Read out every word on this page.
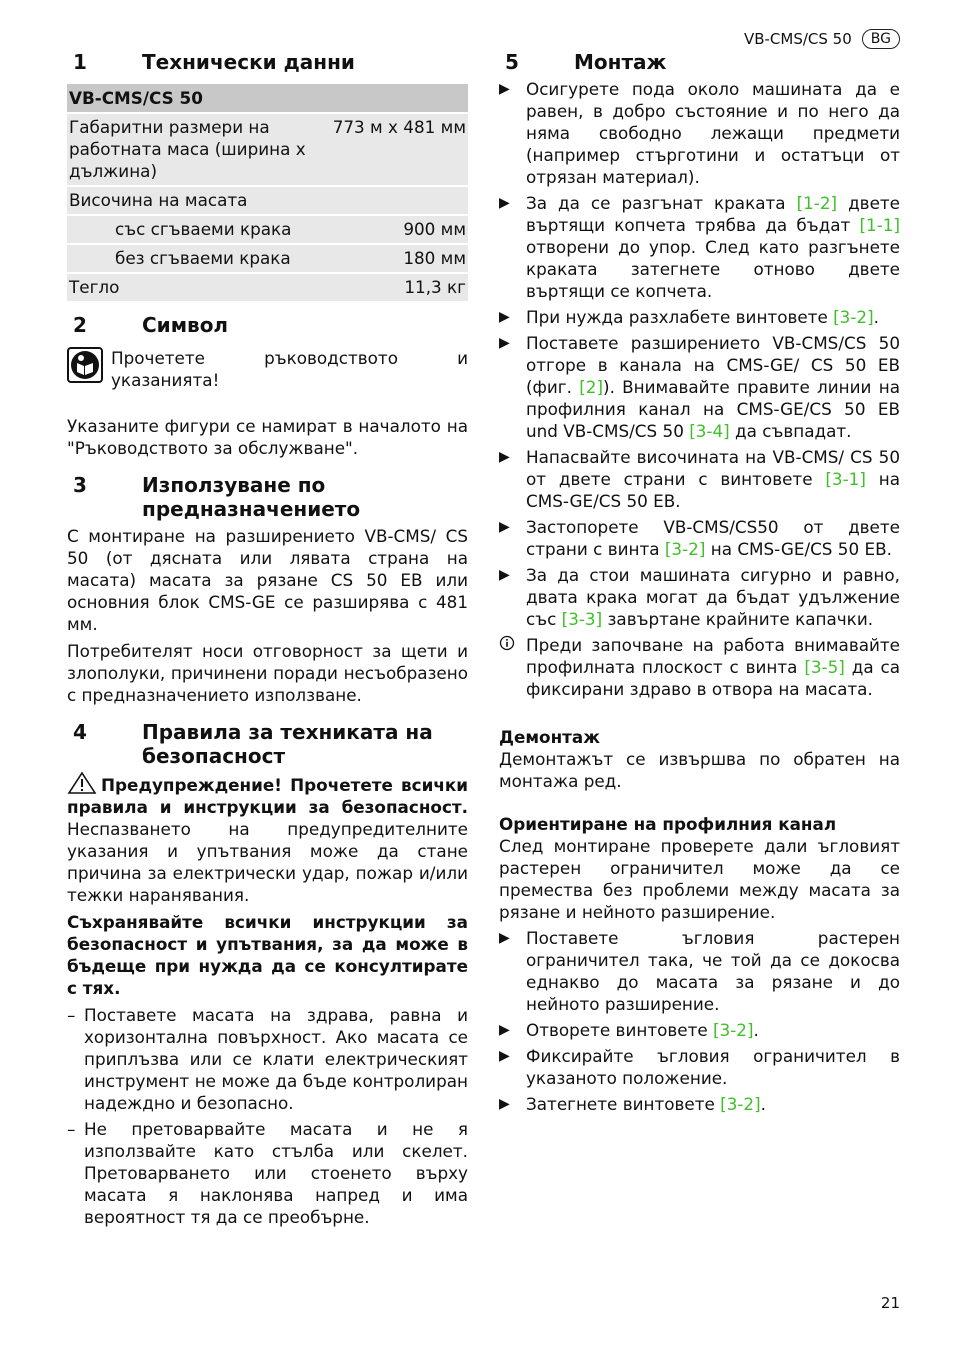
VB-CMS/CS 50	BG
1	Технически данни
VB-CMS/CS 50	
Габаритни размери на работната маса (ширина x дължина)	773 м x 481 мм
Височина на масата	
със сгъваеми крака	900 мм
без сгъваеми крака	180 мм
Тегло	11,3 кг
2	Символ

Прочетете ръководството и указанията!

Указаните фигури се намират в началото на "Ръководството за обслужване".

3	Използуване по предназначението

С монтиране на разширението VB-CMS/ CS 50 (от дясната или лявата страна на масата) масата за рязане CS 50 EB или основния блок CMS-GE се разширява с 481 мм.

Потребителят носи отговорност за щети и злополуки, причинени поради несъобразено с предназначението използване.

4	Правила за техниката на безопасност

Предупреждение! Прочетете всички правила и инструкции за безопасност. Неспазването на предупредителните указания и упътвания може да стане причина за електрически удар, пожар и/или тежки наранявания.

Съхранявайте всички инструкции за безопасност и упътвания, за да може в бъдеще при нужда да се консултирате с тях.

– Поставете масата на здрава, равна и хоризонтална повърхност. Ако масата се приплъзва или се клати електрическият инструмент не може да бъде контролиран надеждно и безопасно.
– Не претоварвайте масата и не я използвайте като стълба или скелет. Претоварването или стоенето върху масата я наклонява напред и има вероятност тя да се преобърне.
5	Монтаж
▶ Осигурете пода около машината да е равен, в добро състояние и по него да няма свободно лежащи предмети (например стърготини и остатъци от отрязан материал).
▶ За да се разгънат краката [1-2] двете въртящи копчета трябва да бъдат [1-1] отворени до упор. След като разгънете краката затегнете отново двете въртящи се копчета.
▶ При нужда разхлабете винтовете [3-2].
▶ Поставете разширението VB-CMS/CS 50 отгоре в канала на CMS-GE/ CS 50 EB (фиг. [2]). Внимавайте правите линии на профилния канал на CMS-GE/CS 50 EB und VB-CMS/CS 50 [3-4] да съвпадат.
▶ Напасвайте височината на VB-CMS/ CS 50 от двете страни с винтовете [3-1] на CMS-GE/CS 50 EB.
▶ Застопорете VB-CMS/CS50 от двете страни с винта [3-2] на CMS-GE/CS 50 EB.
▶ За да стои машината сигурно и равно, двата крака могат да бъдат удължение със [3-3] завъртане крайните капачки.
Преди започване на работа внимавайте профилната плоскост с винта [3-5] да са фиксирани здраво в отвора на масата.

Демонтаж

Демонтажът се извършва по обратен на монтажа ред.

Ориентиране на профилния канал

След монтиране проверете дали ъгловият растерен ограничител може да се премества без проблеми между масата за рязане и нейното разширение.

▶ Поставете ъгловия растерен ограничител така, че той да се докосва еднакво до масата за рязане и до нейното разширение.
▶ Отворете винтовете [3-2].
▶ Фиксирайте ъгловия ограничител в указаното положение.
▶ Затегнете винтовете [3-2].
21
